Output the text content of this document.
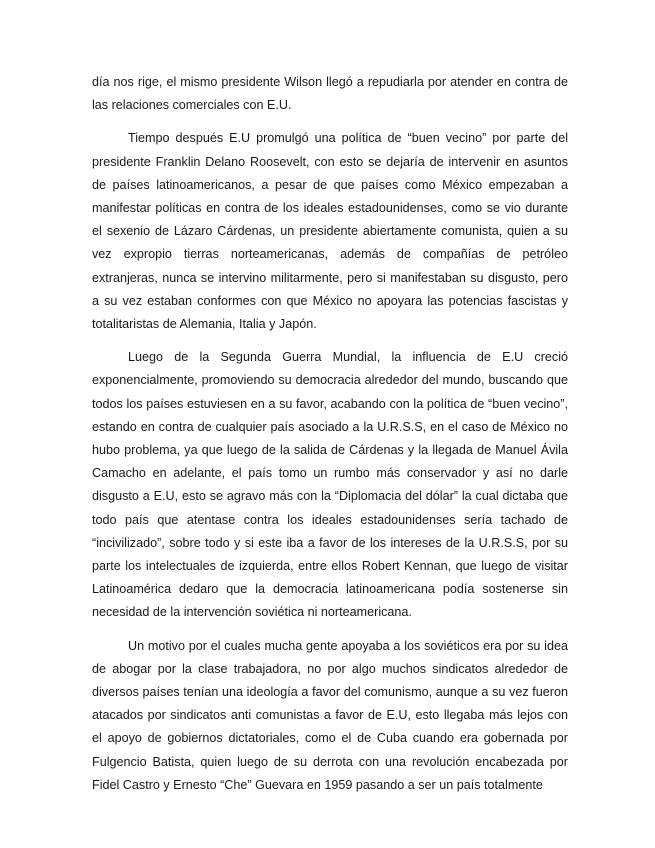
día nos rige, el mismo presidente Wilson llegó a repudiarla por atender en contra de las relaciones comerciales con E.U.

Tiempo después E.U promulgó una política de “buen vecino” por parte del presidente Franklin Delano Roosevelt, con esto se dejaría de intervenir en asuntos de países latinoamericanos, a pesar de que países como México empezaban a manifestar políticas en contra de los ideales estadounidenses, como se vio durante el sexenio de Lázaro Cárdenas, un presidente abiertamente comunista, quien a su vez expropio tierras norteamericanas, además de compañías de petróleo extranjeras, nunca se intervino militarmente, pero si manifestaban su disgusto, pero a su vez estaban conformes con que México no apoyara las potencias fascistas y totalitaristas de Alemania, Italia y Japón.

Luego de la Segunda Guerra Mundial, la influencia de E.U creció exponencialmente, promoviendo su democracia alrededor del mundo, buscando que todos los países estuviesen en a su favor, acabando con la política de “buen vecino”, estando en contra de cualquier país asociado a la U.R.S.S, en el caso de México no hubo problema, ya que luego de la salida de Cárdenas y la llegada de Manuel Ávila Camacho en adelante, el país tomo un rumbo más conservador y así no darle disgusto a E.U, esto se agravo más con la “Diplomacia del dólar” la cual dictaba que todo país que atentase contra los ideales estadounidenses sería tachado de “incivilizado”, sobre todo y si este iba a favor de los intereses de la U.R.S.S, por su parte los intelectuales de izquierda, entre ellos Robert Kennan, que luego de visitar Latinoamérica dedaro que la democracia latinoamericana podía sostenerse sin necesidad de la intervención soviética ni norteamericana.

Un motivo por el cuales mucha gente apoyaba a los soviéticos era por su idea de abogar por la clase trabajadora, no por algo muchos sindicatos alrededor de diversos países tenían una ideología a favor del comunismo, aunque a su vez fueron atacados por sindicatos anti comunistas a favor de E.U, esto llegaba más lejos con el apoyo de gobiernos dictatoriales, como el de Cuba cuando era gobernada por Fulgencio Batista, quien luego de su derrota con una revolución encabezada por Fidel Castro y Ernesto “Che” Guevara en 1959 pasando a ser un país totalmente
